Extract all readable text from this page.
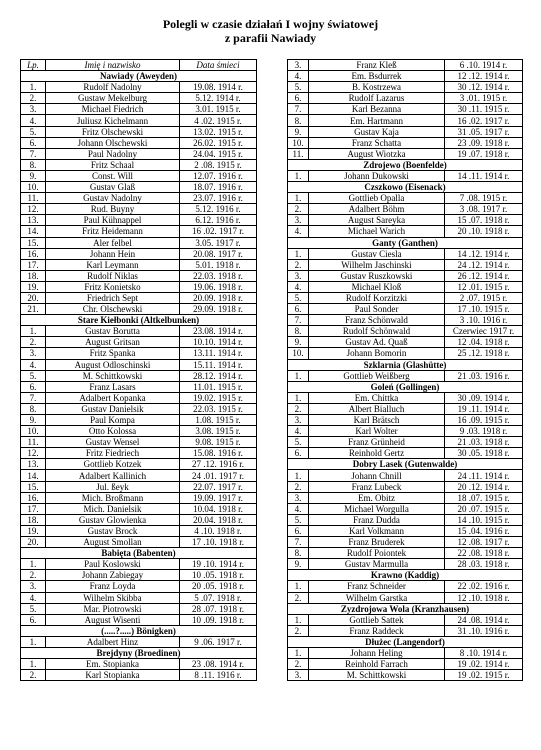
Polegli w czasie działań I wojny światowej
z parafii Nawiady
Lp.	Imię i nazwisko	Data śmieci
Nawiady (Aweyden)		
1.	Rudolf Nadolny	19.08. 1914 r.
2.	Gustaw Mekelburg	5.12. 1914 r.
3.	Michael Fiedrich	3.01. 1915 r.
4.	Juliusz Kichelmann	4 .02. 1915 r.
5.	Fritz Olschewski	13.02. 1915 r.
6.	Johann Olschewski	26.02. 1915 r.
7.	Paul Nadolny	24.04. 1915 r.
8.	Fritz Schaal	2 .08. 1915 r.
9.	Const. Will	12.07. 1916 r.
10.	Gustav Glaß	18.07. 1916 r.
11.	Gustav Nadolny	23.07. 1916 r.
12.	Rud. Buyny	5.12. 1916 r.
13.	Paul Kühnappel	6.12. 1916 r.
14.	Fritz Heidemann	16 .02. 1917 r.
15.	Aler felbel	3.05. 1917 r.
16.	Johann Hein	20.08. 1917 r.
17.	Karl Leymann	5.01. 1918 r.
18.	Rudolf Niklas	22.03. 1918 r.
19.	Fritz Konietsko	19.06. 1918 r.
20.	Friedrich Sept	20.09. 1918 r.
21.	Chr. Olschewski	29.09. 1918 r.
Stare Kiełbonki (Altkelbunken)		
1.	Gustav Borutta	23.08. 1914 r.
2.	August Gritsan	10.10. 1914 r.
3.	Fritz Spanka	13.11. 1914 r.
4.	August Odloschinski	15.11. 1914 r.
5.	M. Schittkowski	28.12. 1914 r.
6.	Franz Lasars	11.01. 1915 r.
7.	Adalbert Kopanka	19.02. 1915 r.
8.	Gustav Danielsik	22.03. 1915 r.
9.	Paul Kompa	1.08. 1915 r.
10.	Otto Kolossa	3.08. 1915 r.
11.	Gustav Wensel	9.08. 1915 r.
12.	Fritz Fiedriech	15.08. 1916 r.
13.	Gottlieb Kotzek	27 .12. 1916 r.
14.	Adalbert Kallinich	24 .01. 1917 r.
15.	Jul. ßeyk	22.07. 1917 r.
16.	Mich. Broßmann	19.09. 1917 r.
17.	Mich. Danielsik	10.04. 1918 r.
18.	Gustav Glowienka	20.04. 1918 r.
19.	Gustav Brock	4 .10. 1918 r.
20.	August Smollan	17 .10. 1918 r.
Babięta (Babenten)		
1.	Paul Koslowski	19 .10. 1914 r.
2.	Johann Zabiegay	10 .05. 1918 r.
3.	Franz Loyda	20 .05. 1918 r.
4.	Wilhelm Skibba	5 .07. 1918 r.
5.	Mar. Piotrowski	28 .07. 1918 r.
6.	August Wisenti	10 .09. 1918 r.
(.....?.....) Bönigken)		
1.	Adalbert Hinz	9 .06. 1917 r.
Brejdyny (Broedinen)		
1.	Em. Stopianka	23 .08. 1914 r.
2.	Karl Stopianka	8 .11. 1916 r.
3.	Franz Kleß	6 .10. 1914 r.
4.	Em. Bsdurrek	12 .12. 1914 r.
5.	B. Kostrzewa	30 .12. 1914 r.
6.	Rudolf Lazarus	3 .01. 1915 r.
7.	Karl Bezanna	30 .11. 1915 r.
8.	Em. Hartmann	16 .02. 1917 r.
9.	Gustav Kaja	31 .05. 1917 r.
10.	Franz Schatta	23 .09. 1918 r.
11.	August Wiotzka	19 .07. 1918 r.
Zdrojewo (Boenfelde)		
1.	Johann Dukowski	14 .11. 1914 r.
Czszkowo (Eisenack)		
1.	Gottlieb Opalla	7 .08. 1915 r.
2.	Adalbert Böhm	3 .08. 1917 r.
3.	August Sareyka	15 .07. 1918 r.
4.	Michael Warich	20 .10. 1918 r.
Ganty (Ganthen)		
1.	Gustav Ciesla	14 .12. 1914 r.
2.	Wilhelm Jaschinski	24 .12. 1914 r.
3.	Gustav Ruszkowski	26 .12. 1914 r.
4.	Michael Kloß	12 .01. 1915 r.
5.	Rudolf Korzitzki	2 .07. 1915 r.
6.	Paul Sonder	17 .10. 1915 r.
7.	Franz Schönwald	3 .10. 1916 r.
8.	Rudolf Schönwald	Czerwiec 1917 r.
9.	Gustav Ad. Quaß	12 .04. 1918 r.
10.	Johann Bomorin	25 .12. 1918 r.
Szklarnia (Glashütte)		
1.	Gottlieb Weißberg	21 .03. 1916 r.
Goleń (Gollingen)		
1.	Em. Chittka	30 .09. 1914 r.
2.	Albert Bialluch	19 .11. 1914 r.
3.	Karl Brätsch	16 .09. 1915 r.
4.	Karl Wolter	9 .03. 1918 r.
5.	Franz Grünheid	21 .03. 1918 r.
6.	Reinhold Gertz	30 .05. 1918 r.
Dobry Lasek (Gutenwalde)		
1.	Johann Chnill	24 .11. 1914 r.
2.	Franz Lubeck	20 .12. 1914 r.
3.	Em. Obitz	18 .07. 1915 r.
4.	Michael Worgulla	20 .07. 1915 r.
5.	Franz Dudda	14 .10. 1915 r.
6.	Karl Volkmann	15 .04. 1916 r.
7.	Franz Bruderek	12 .08. 1917 r.
8.	Rudolf Poiontek	22 .08. 1918 r.
9.	Gustav Marmulla	28 .03. 1918 r.
Krawno (Kaddig)		
1.	Franz Schneider	22 .02. 1916 r.
2.	Wilhelm Garstka	12 .10. 1918 r.
Zyzdrojowa Wola (Kranzhausen)		
1.	Gottlieb Sattek	24 .08. 1914 r.
2.	Franz Raddeck	31 .10. 1916 r.
Dłużec (Langendorf)		
1.	Johann Heling	8 .10. 1914 r.
2.	Reinhold Farrach	19 .02. 1914 r.
3.	M. Schittkowski	19 .02. 1915 r.
